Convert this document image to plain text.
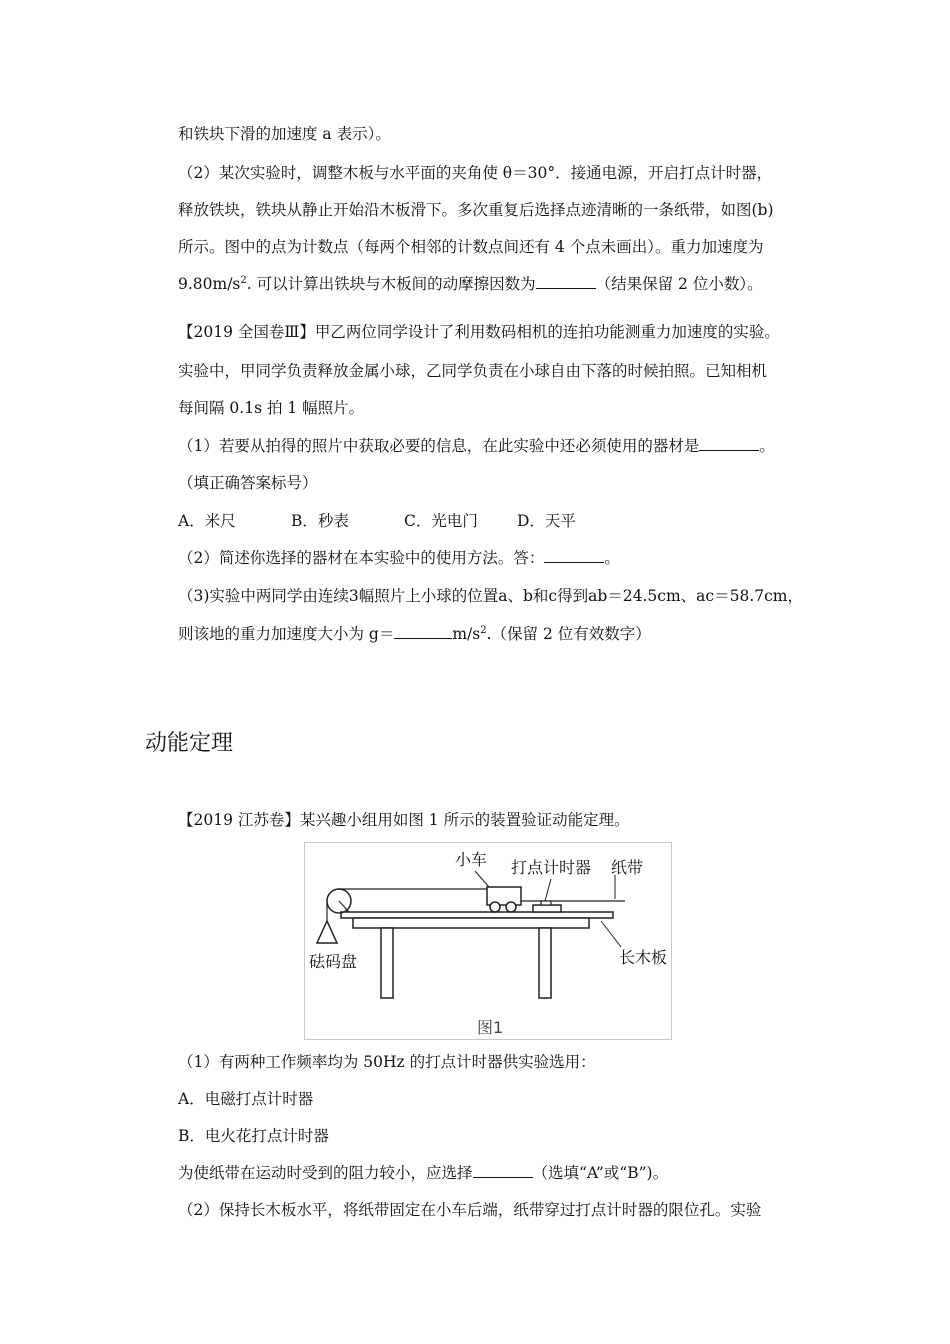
和铁块下滑的加速度 a 表示）。
（2）某次实验时，调整木板与水平面的夹角使 θ＝30°．接通电源，开启打点计时器，
释放铁块，铁块从静止开始沿木板滑下。多次重复后选择点迹清晰的一条纸带，如图(b)
所示。图中的点为计数点（每两个相邻的计数点间还有 4 个点未画出）。重力加速度为
$9.80m/s^2$. 可以计算出铁块与木板间的动摩擦因数为	（结果保留 2 位小数）。
【2019 全国卷Ⅲ】甲乙两位同学设计了利用数码相机的连拍功能测重力加速度的实验。
实验中，甲同学负责释放金属小球，乙同学负责在小球自由下落的时候拍照。已知相机
每间隔 0.1s 拍 1 幅照片。
（1）若要从拍得的照片中获取必要的信息，在此实验中还必须使用的器材是	。
（填正确答案标号）
A．米尺	B．秒表	C．光电门	D．天平
（2）简述你选择的器材在本实验中的使用方法。答：	。
（3)实验中两同学由连续3幅照片上小球的位置a、b和c得到ab＝24.5cm、ac＝58.7cm，
则该地的重力加速度大小为 g＝	$m/s^2$.（保留 2 位有效数字）
动能定理
【2019 江苏卷】某兴趣小组用如图 1 所示的装置验证动能定理。
小车 打点计时器 纸带
长木板
砝码盘
图1
（1）有两种工作频率均为 50Hz 的打点计时器供实验选用：
A．电磁打点计时器
B．电火花打点计时器
为使纸带在运动时受到的阻力较小，应选择	（选填“A”或“B”)。
（2）保持长木板水平，将纸带固定在小车后端，纸带穿过打点计时器的限位孔。实验
